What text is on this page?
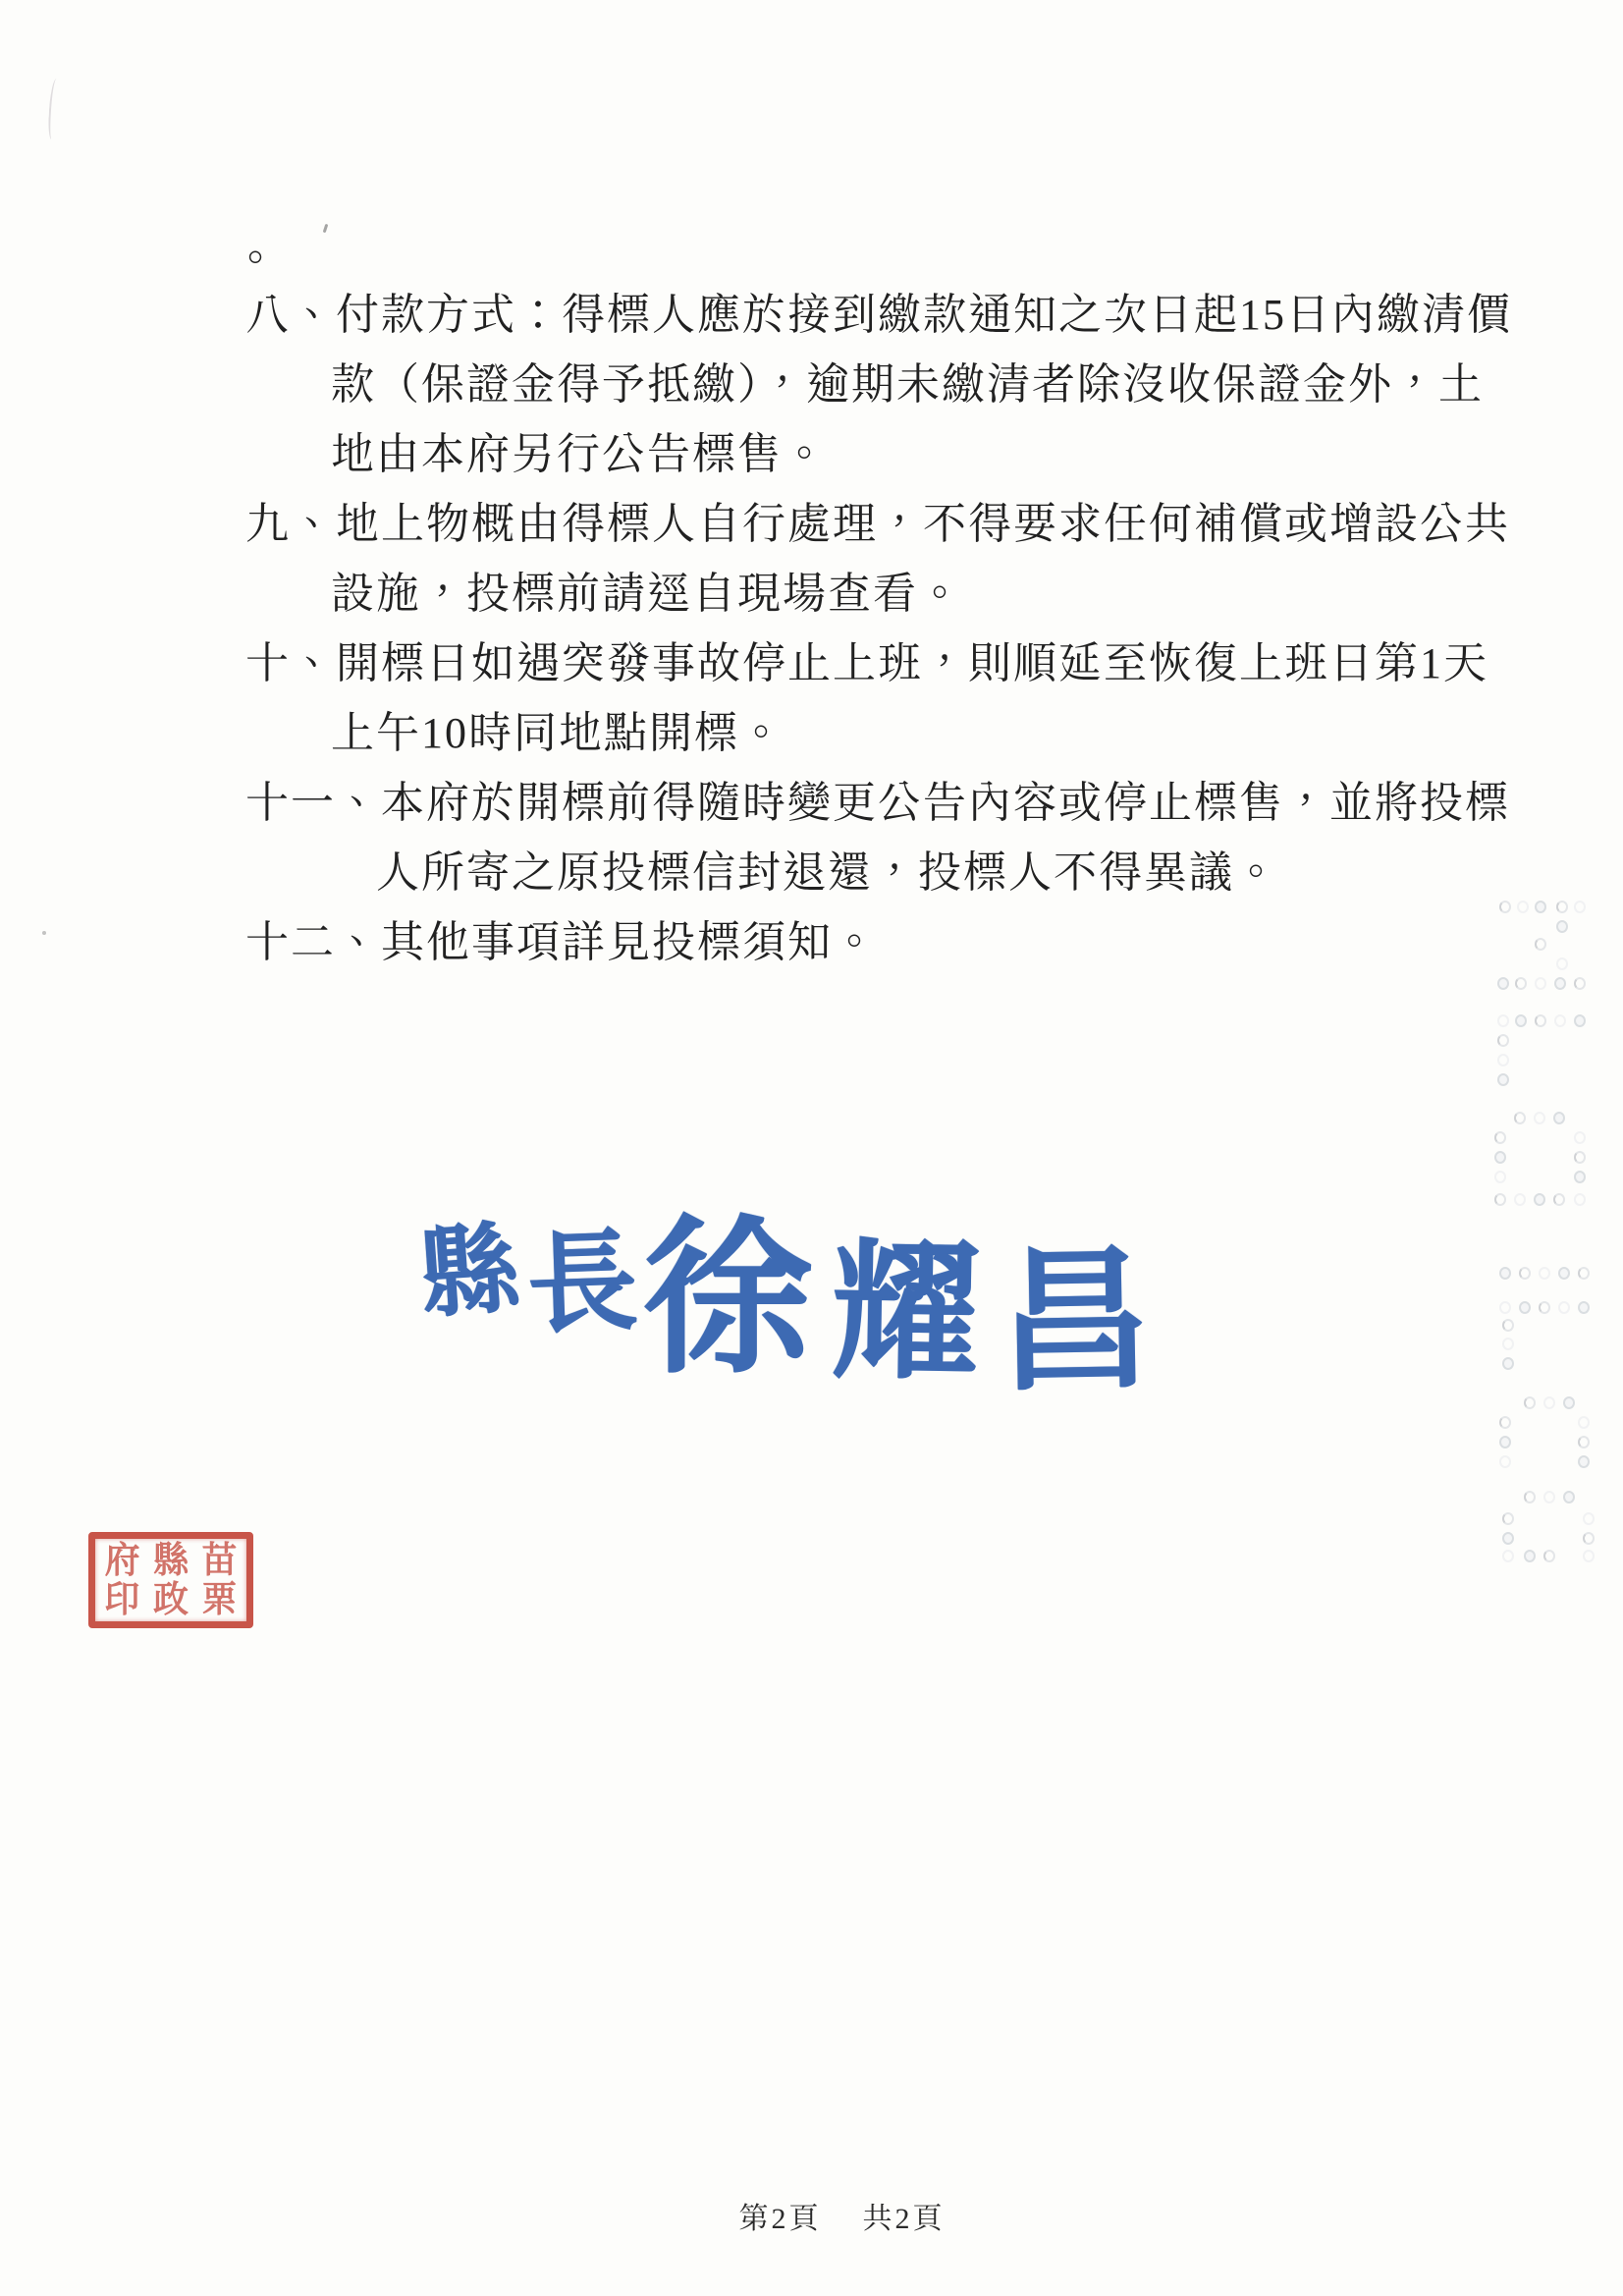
。
八、付款方式：得標人應於接到繳款通知之次日起15日內繳清價
款（保證金得予抵繳），逾期未繳清者除沒收保證金外，土
地由本府另行公告標售。
九、地上物概由得標人自行處理，不得要求任何補償或增設公共
設施，投標前請逕自現場查看。
十、開標日如遇突發事故停止上班，則順延至恢復上班日第1天
上午10時同地點開標。
十一、本府於開標前得隨時變更公告內容或停止標售，並將投標
人所寄之原投標信封退還，投標人不得異議。
十二、其他事項詳見投標須知。
縣 長 徐 耀 昌
苗
栗
縣
政
府
印
第2頁 共2頁
